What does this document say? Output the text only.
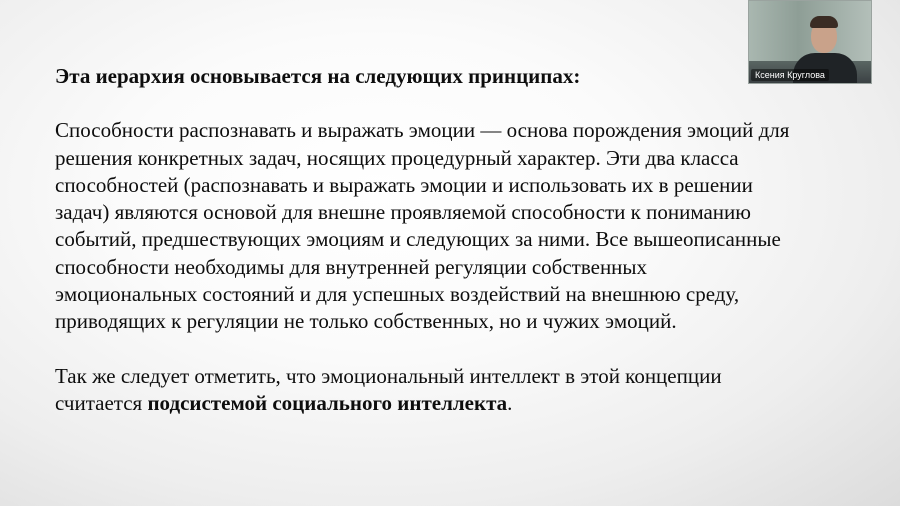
Эта иерархия основывается на следующих принципах:
Способности распознавать и выражать эмоции — основа порождения эмоций для
решения конкретных задач, носящих процедурный характер. Эти два класса
способностей (распознавать и выражать эмоции и использовать их в решении
задач) являются основой для внешне проявляемой способности к пониманию
событий, предшествующих эмоциям и следующих за ними. Все вышеописанные
способности необходимы для внутренней регуляции собственных
эмоциональных состояний и для успешных воздействий на внешнюю среду,
приводящих к регуляции не только собственных, но и чужих эмоций.
Так же следует отметить, что эмоциональный интеллект в этой концепции
считается подсистемой социального интеллекта.
Ксения Круглова
